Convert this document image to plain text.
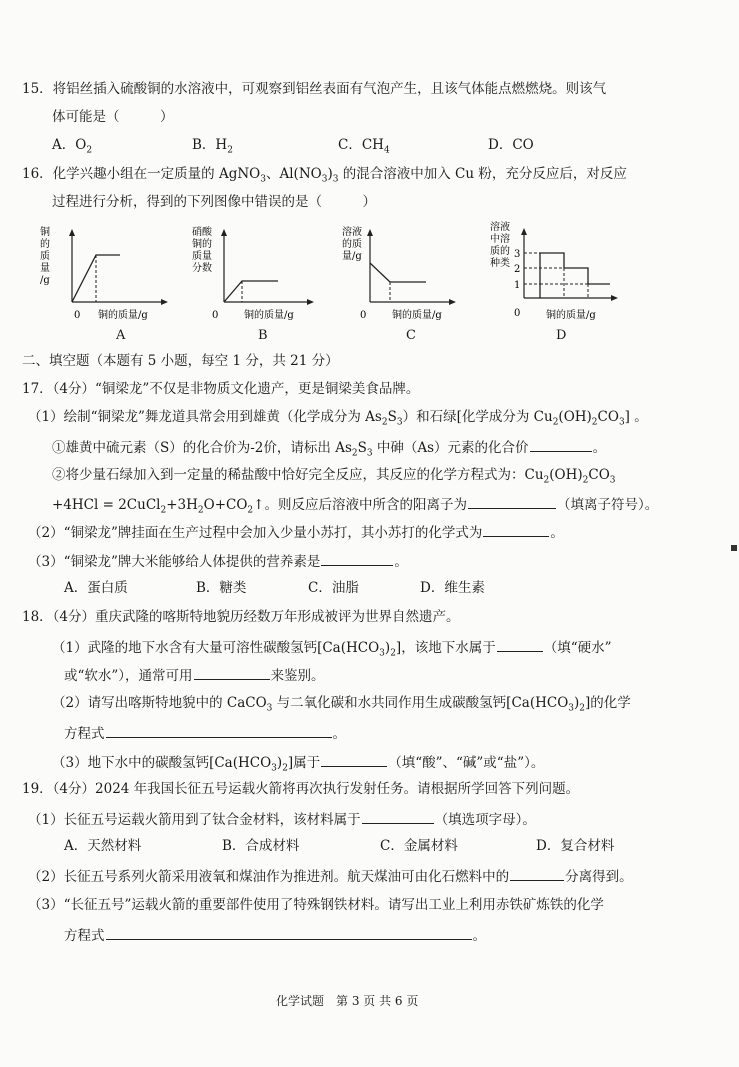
15．将铝丝插入硫酸铜的水溶液中，可观察到铝丝表面有气泡产生，且该气体能点燃燃烧。则该气
体可能是（　　　）
A．$O_2$	B．$H_2$	C．$CH_4$	D．CO
16．化学兴趣小组在一定质量的 AgNO$_3$、$Al(NO_3)_3$ 的混合溶液中加入 Cu 粉，充分反应后，对反应
过程进行分析，得到的下列图像中错误的是（　　　）
铜
的
质
量
/g
0 铜的质量/g
A
硝酸
铜的
质量
分数
0	铜的质量/g
B
溶液
的质
量/g
0	铜的质量/g
C
溶液
中溶
质的
种类
3
2
1
0	铜的质量/g
D
二、填空题（本题有 5 小题，每空 1 分，共 21 分）
17．（4分）“铜梁龙”不仅是非物质文化遗产，更是铜梁美食品牌。
（1）绘制“铜梁龙”舞龙道具常会用到雄黄（化学成分为 $As_2S_3$）和石绿[化学成分为 $Cu_2(OH)_2CO_3$] 。
①雄黄中硫元素（S）的化合价为-2价，请标出 $As_2S_3$ 中砷（As）元素的化合价	。
②将少量石绿加入到一定量的稀盐酸中恰好完全反应，其反应的化学方程式为：$Cu_2(OH)_2CO_3$
$+4HCl = 2CuCl_2+3H_2O+CO_2↑$。则反应后溶液中所含的阳离子为	（填离子符号）。
（2）“铜梁龙”牌挂面在生产过程中会加入少量小苏打，其小苏打的化学式为	。
（3）“铜梁龙”牌大米能够给人体提供的营养素是	。
A．蛋白质	B．糖类	C．油脂	D．维生素
18．（4分）重庆武隆的喀斯特地貌历经数万年形成被评为世界自然遗产。
（1）武隆的地下水含有大量可溶性碳酸氢钙$[Ca(HCO_3)_2]$，该地下水属于	（填“硬水”
或“软水”），通常可用	来鉴别。
（2）请写出喀斯特地貌中的 CaCO$_3$ 与二氧化碳和水共同作用生成碳酸氢钙$[Ca(HCO_3)_2]$的化学
方程式	。
（3）地下水中的碳酸氢钙$[Ca(HCO_3)_2]$属于	（填“酸”、“碱”或“盐”）。
19．（4分）2024 年我国长征五号运载火箭将再次执行发射任务。请根据所学回答下列问题。
（1）长征五号运载火箭用到了钛合金材料，该材料属于	（填选项字母）。
A．天然材料	B．合成材料	C．金属材料	D．复合材料
（2）长征五号系列火箭采用液氧和煤油作为推进剂。航天煤油可由化石燃料中的	分离得到。
（3）“长征五号”运载火箭的重要部件使用了特殊钢铁材料。请写出工业上利用赤铁矿炼铁的化学
方程式	。
化学试题　第 3 页 共 6 页
